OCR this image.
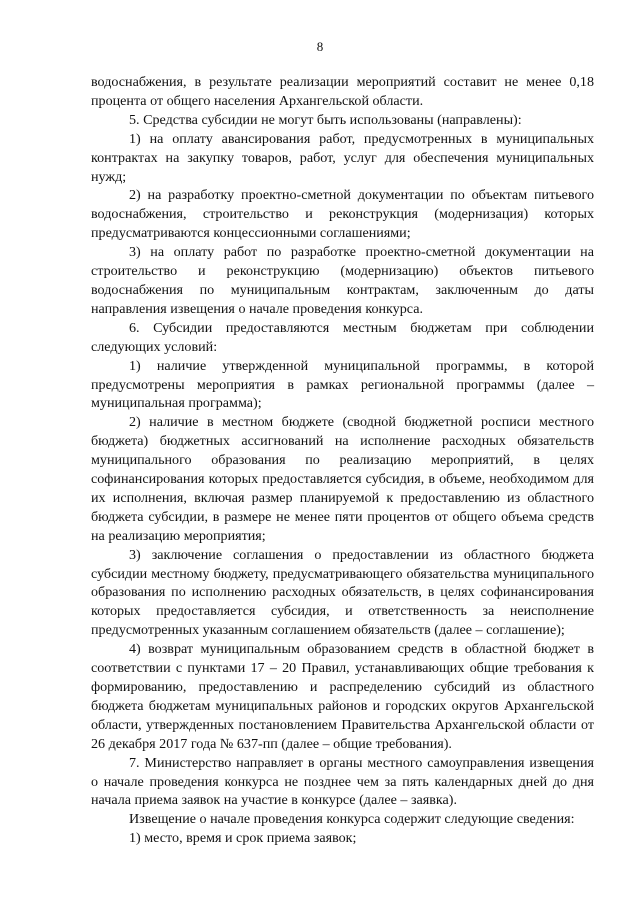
8

водоснабжения, в результате реализации мероприятий составит не менее 0,18 процента от общего населения Архангельской области.

5. Средства субсидии не могут быть использованы (направлены):

1) на оплату авансирования работ, предусмотренных в муниципальных контрактах на закупку товаров, работ, услуг для обеспечения муниципальных нужд;

2) на разработку проектно-сметной документации по объектам питьевого водоснабжения, строительство и реконструкция (модернизация) которых предусматриваются концессионными соглашениями;

3) на оплату работ по разработке проектно-сметной документации на строительство и реконструкцию (модернизацию) объектов питьевого водоснабжения по муниципальным контрактам, заключенным до даты направления извещения о начале проведения конкурса.

6. Субсидии предоставляются местным бюджетам при соблюдении следующих условий:

1) наличие утвержденной муниципальной программы, в которой предусмотрены мероприятия в рамках региональной программы (далее – муниципальная программа);

2) наличие в местном бюджете (сводной бюджетной росписи местного бюджета) бюджетных ассигнований на исполнение расходных обязательств муниципального образования по реализацию мероприятий, в целях софинансирования которых предоставляется субсидия, в объеме, необходимом для их исполнения, включая размер планируемой к предоставлению из областного бюджета субсидии, в размере не менее пяти процентов от общего объема средств на реализацию мероприятия;

3) заключение соглашения о предоставлении из областного бюджета субсидии местному бюджету, предусматривающего обязательства муниципального образования по исполнению расходных обязательств, в целях софинансирования которых предоставляется субсидия, и ответственность за неисполнение предусмотренных указанным соглашением обязательств (далее – соглашение);

4) возврат муниципальным образованием средств в областной бюджет в соответствии с пунктами 17 – 20 Правил, устанавливающих общие требования к формированию, предоставлению и распределению субсидий из областного бюджета бюджетам муниципальных районов и городских округов Архангельской области, утвержденных постановлением Правительства Архангельской области от 26 декабря 2017 года № 637-пп (далее – общие требования).

7. Министерство направляет в органы местного самоуправления извещения о начале проведения конкурса не позднее чем за пять календарных дней до дня начала приема заявок на участие в конкурсе (далее – заявка).

Извещение о начале проведения конкурса содержит следующие сведения:

1) место, время и срок приема заявок;
